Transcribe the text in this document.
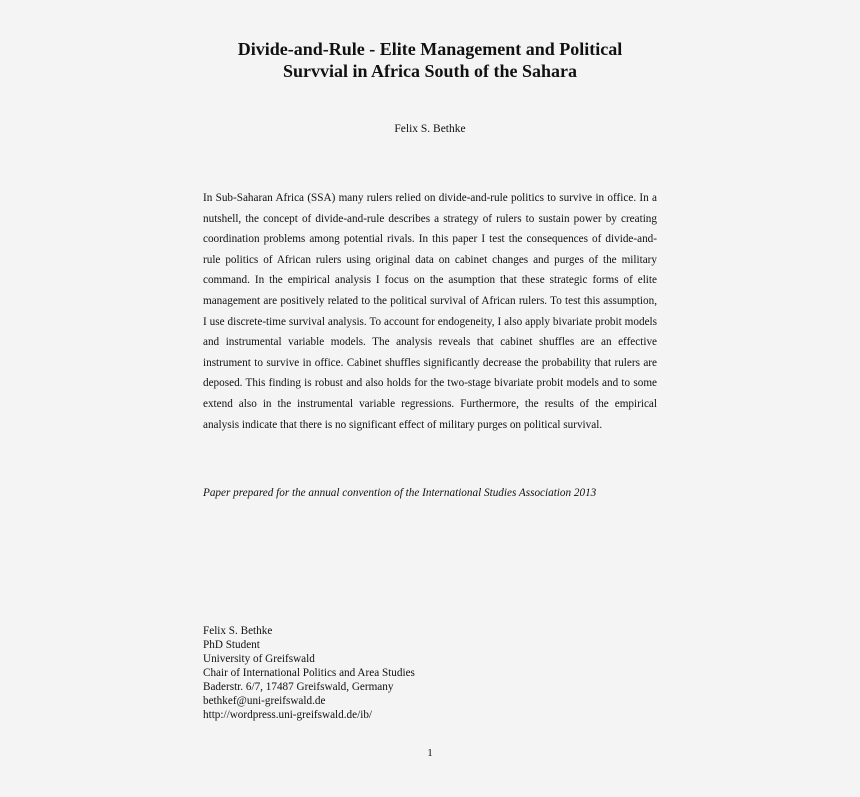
Divide-and-Rule - Elite Management and Political
Survvial in Africa South of the Sahara
Felix S. Bethke

In Sub-Saharan Africa (SSA) many rulers relied on divide-and-rule politics to survive in office. In a nutshell, the concept of divide-and-rule describes a strategy of rulers to sustain power by creating coordination problems among potential rivals. In this paper I test the consequences of divide-and-rule politics of African rulers using original data on cabinet changes and purges of the military command. In the empirical analysis I focus on the asumption that these strategic forms of elite management are positively related to the political survival of African rulers. To test this assumption, I use discrete-time survival analysis. To account for endogeneity, I also apply bivariate probit models and instrumental variable models. The analysis reveals that cabinet shuffles are an effective instrument to survive in office. Cabinet shuffles significantly decrease the probability that rulers are deposed. This finding is robust and also holds for the two-stage bivariate probit models and to some extend also in the instrumental variable regressions. Furthermore, the results of the empirical analysis indicate that there is no significant effect of military purges on political survival.

Paper prepared for the annual convention of the International Studies Association 2013
Felix S. Bethke
PhD Student
University of Greifswald
Chair of International Politics and Area Studies
Baderstr. 6/7, 17487 Greifswald, Germany
bethkef@uni-greifswald.de
http://wordpress.uni-greifswald.de/ib/
1
